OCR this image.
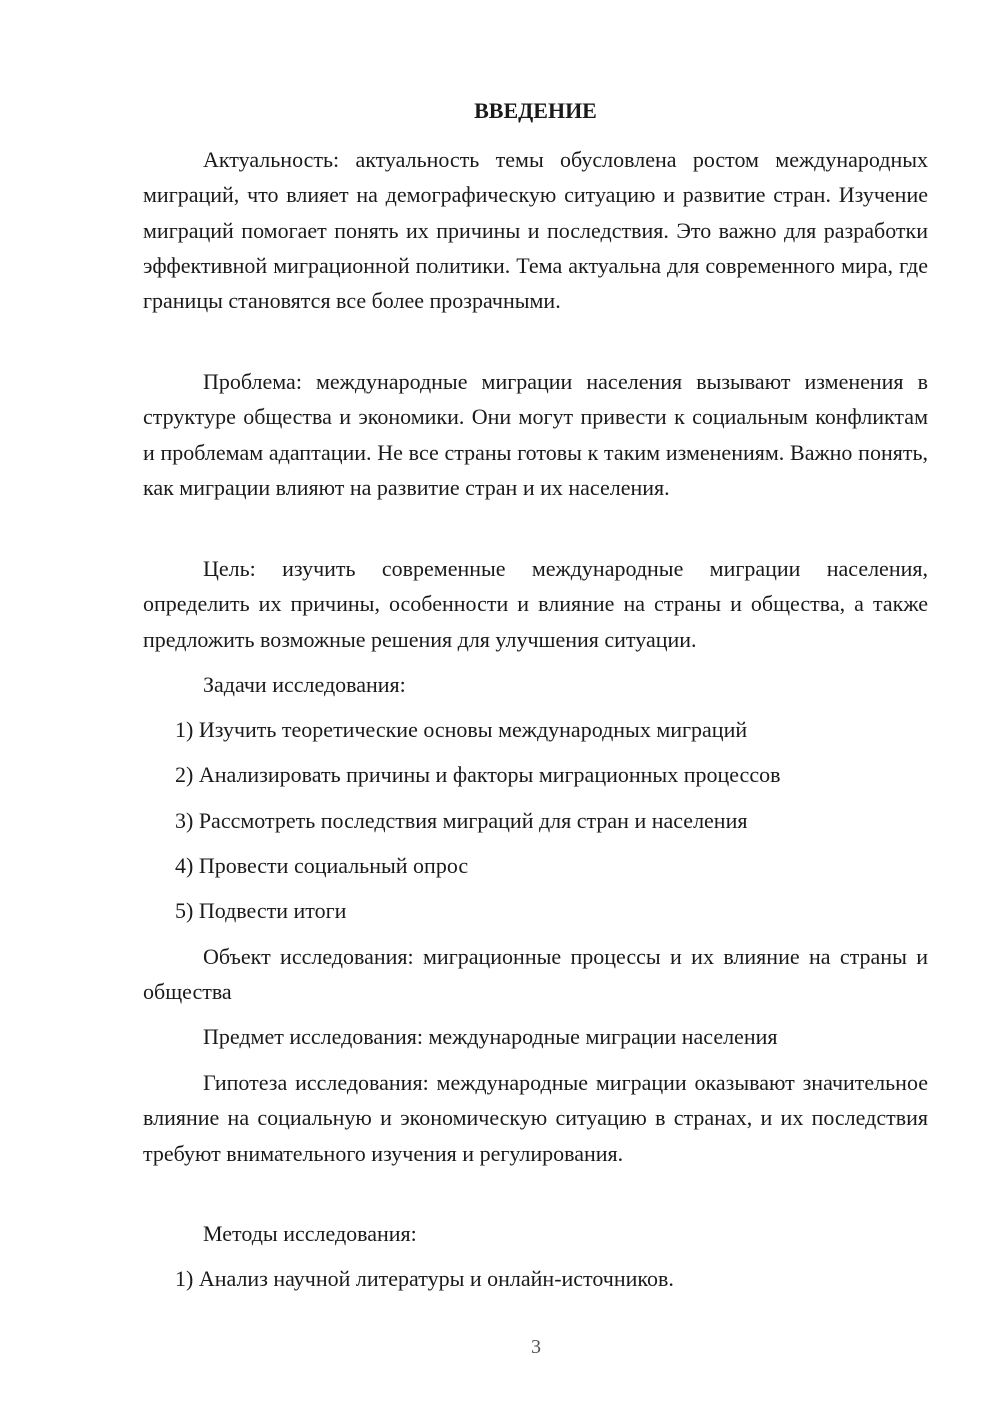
ВВЕДЕНИЕ

Актуальность: актуальность темы обусловлена ростом международных миграций, что влияет на демографическую ситуацию и развитие стран. Изучение миграций помогает понять их причины и последствия. Это важно для разработки эффективной миграционной политики. Тема актуальна для современного мира, где границы становятся все более прозрачными.

Проблема: международные миграции населения вызывают изменения в структуре общества и экономики. Они могут привести к социальным конфликтам и проблемам адаптации. Не все страны готовы к таким изменениям. Важно понять, как миграции влияют на развитие стран и их населения.

Цель: изучить современные международные миграции населения, определить их причины, особенности и влияние на страны и общества, а также предложить возможные решения для улучшения ситуации.

Задачи исследования:

1) Изучить теоретические основы международных миграций

2) Анализировать причины и факторы миграционных процессов

3) Рассмотреть последствия миграций для стран и населения

4) Провести социальный опрос

5) Подвести итоги

Объект исследования: миграционные процессы и их влияние на страны и общества

Предмет исследования: международные миграции населения

Гипотеза исследования: международные миграции оказывают значительное влияние на социальную и экономическую ситуацию в странах, и их последствия требуют внимательного изучения и регулирования.

Методы исследования:

1) Анализ научной литературы и онлайн-источников.

3
